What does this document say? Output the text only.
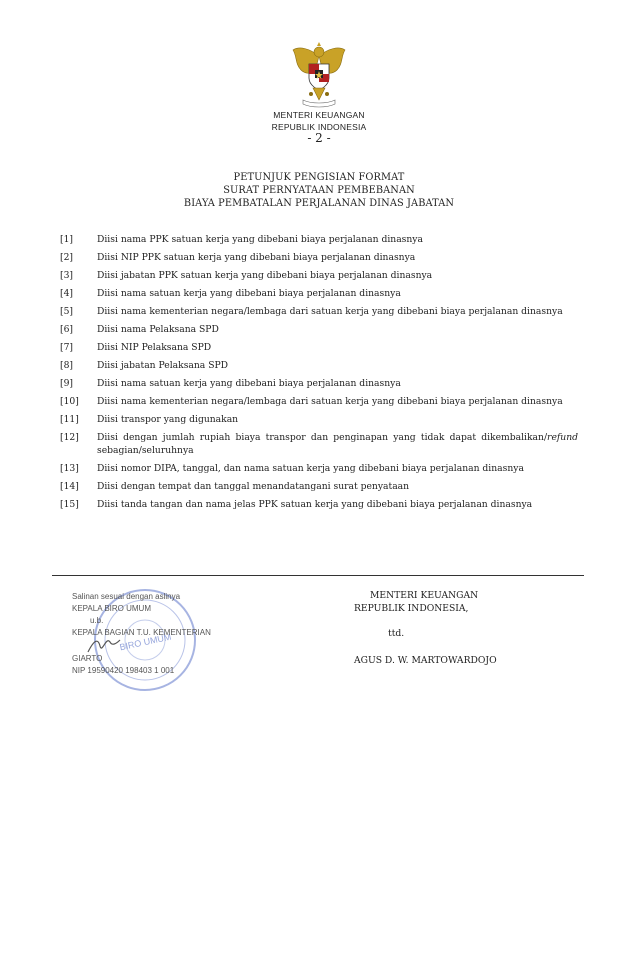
MENTERI KEUANGAN
REPUBLIK INDONESIA
- 2 -
PETUNJUK PENGISIAN FORMAT
SURAT PERNYATAAN PEMBEBANAN
BIAYA PEMBATALAN PERJALANAN DINAS JABATAN
[1]	Diisi nama PPK satuan kerja yang dibebani biaya perjalanan dinasnya
[2]	Diisi NIP PPK satuan kerja yang dibebani biaya perjalanan dinasnya
[3]	Diisi jabatan PPK satuan kerja yang dibebani biaya perjalanan dinasnya
[4]	Diisi nama satuan kerja yang dibebani biaya perjalanan dinasnya
[5]	Diisi nama kementerian negara/lembaga dari satuan kerja yang dibebani biaya perjalanan dinasnya
[6]	Diisi nama Pelaksana SPD
[7]	Diisi NIP Pelaksana SPD
[8]	Diisi jabatan Pelaksana SPD
[9]	Diisi nama satuan kerja yang dibebani biaya perjalanan dinasnya
[10]	Diisi nama kementerian negara/lembaga dari satuan kerja yang dibebani biaya perjalanan dinasnya
[11]	Diisi transpor yang digunakan
[12]	Diisi dengan jumlah rupiah biaya transpor dan penginapan yang tidak dapat dikembalikan/refund sebagian/seluruhnya
[13]	Diisi nomor DIPA, tanggal, dan nama satuan kerja yang dibebani biaya perjalanan dinasnya
[14]	Diisi dengan tempat dan tanggal menandatangani surat penyataan
[15]	Diisi tanda tangan dan nama jelas PPK satuan kerja yang dibebani biaya perjalanan dinasnya
BIRO UMUM
Salinan sesuai dengan aslinya
KEPALA BIRO UMUM
u.b.
KEPALA BAGIAN T.U. KEMENTERIAN
GIARTO
NIP 19590420 198403 1 001
MENTERI KEUANGAN
REPUBLIK INDONESIA,
ttd.
AGUS D. W. MARTOWARDOJO
